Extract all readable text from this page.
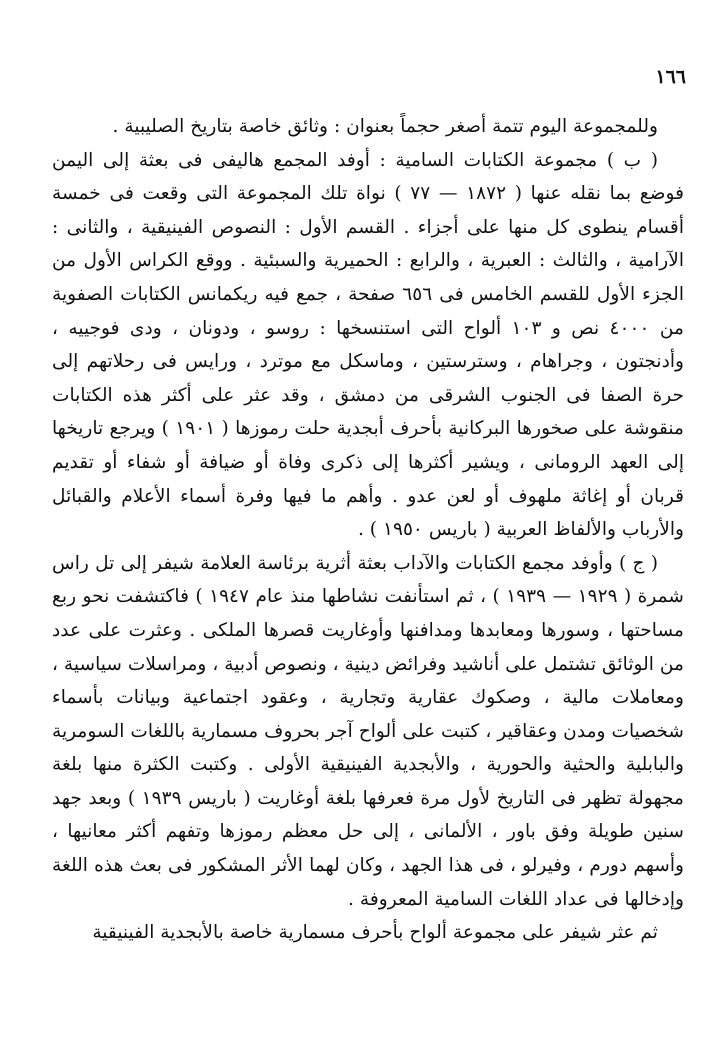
١٦٦

وللمجموعة اليوم تتمة أصغر حجماً بعنوان : وثائق خاصة بتاريخ الصليبية .

( ب ) مجموعة الكتابات السامية : أوفد المجمع هاليفى فى بعثة إلى اليمن فوضع بما نقله عنها ( ١٨٧٢ — ٧٧ ) نواة تلك المجموعة التى وقعت فى خمسة أقسام ينطوى كل منها على أجزاء . القسم الأول : النصوص الفينيقية ، والثانى : الآرامية ، والثالث : العبرية ، والرابع : الحميرية والسبئية . ووقع الكراس الأول من الجزء الأول للقسم الخامس فى ٦٥٦ صفحة ، جمع فيه ريكمانس الكتابات الصفوية من ٤٠٠٠ نص و ١٠٣ ألواح التى استنسخها : روسو ، ودونان ، ودى فوجييه ، وأدنجتون ، وجراهام ، وسترستين ، وماسكل مع موترد ، ورايس فى رحلاتهم إلى حرة الصفا فى الجنوب الشرقى من دمشق ، وقد عثر على أكثر هذه الكتابات منقوشة على صخورها البركانية بأحرف أبجدية حلت رموزها ( ١٩٠١ ) ويرجع تاريخها إلى العهد الرومانى ، ويشير أكثرها إلى ذكرى وفاة أو ضيافة أو شفاء أو تقديم قربان أو إغاثة ملهوف أو لعن عدو . وأهم ما فيها وفرة أسماء الأعلام والقبائل والأرباب والألفاظ العربية ( باريس ١٩٥٠ ) .

( ج ) وأوفد مجمع الكتابات والآداب بعثة أثرية برئاسة العلامة شيفر إلى تل راس شمرة ( ١٩٢٩ — ١٩٣٩ ) ، ثم استأنفت نشاطها منذ عام ١٩٤٧ ) فاكتشفت نحو ربع مساحتها ، وسورها ومعابدها ومدافنها وأوغاريت قصرها الملكى . وعثرت على عدد من الوثائق تشتمل على أناشيد وفرائض دينية ، ونصوص أدبية ، ومراسلات سياسية ، ومعاملات مالية ، وصكوك عقارية وتجارية ، وعقود اجتماعية وبيانات بأسماء شخصيات ومدن وعقاقير ، كتبت على ألواح آجر بحروف مسمارية باللغات السومرية والبابلية والحثية والحورية ، والأبجدية الفينيقية الأولى . وكتبت الكثرة منها بلغة مجهولة تظهر فى التاريخ لأول مرة فعرفها بلغة أوغاريت ( باريس ١٩٣٩ ) وبعد جهد سنين طويلة وفق باور ، الألمانى ، إلى حل معظم رموزها وتفهم أكثر معانيها ، وأسهم دورم ، وفيرلو ، فى هذا الجهد ، وكان لهما الأثر المشكور فى بعث هذه اللغة وإدخالها فى عداد اللغات السامية المعروفة .

ثم عثر شيفر على مجموعة ألواح بأحرف مسمارية خاصة بالأبجدية الفينيقية
